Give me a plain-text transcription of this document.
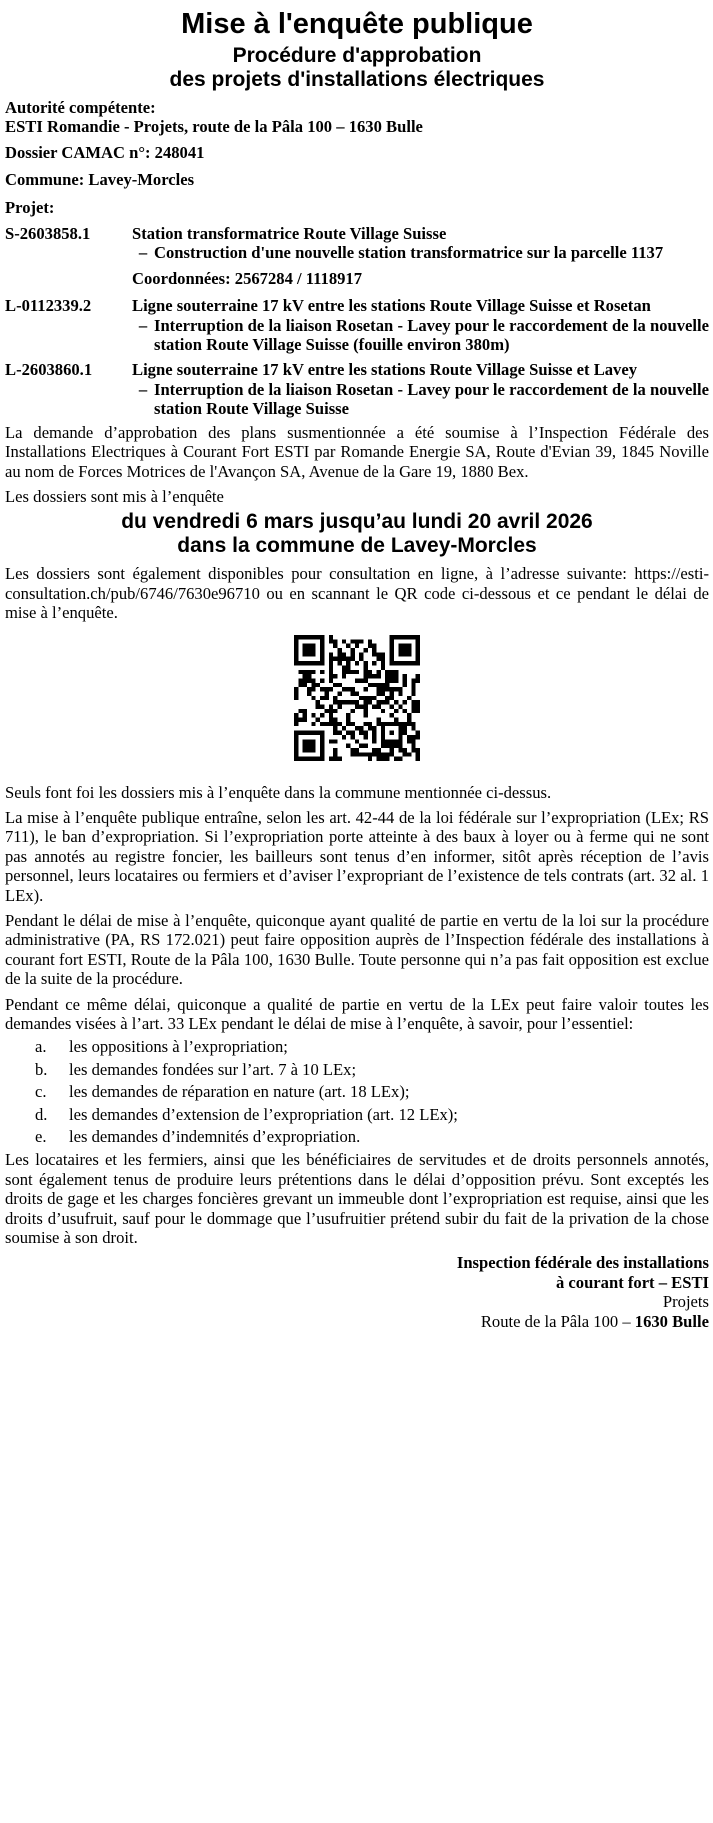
Mise à l'enquête publique
Procédure d'approbation
des projets d'installations électriques
Autorité compétente:
ESTI Romandie - Projets, route de la Pâla 100 – 1630 Bulle
Dossier CAMAC n°: 248041
Commune: Lavey-Morcles
Projet:
S-2603858.1	Station transformatrice Route Village Suisse
– Construction d'une nouvelle station transformatrice sur la parcelle 1137
Coordonnées: 2567284 / 1118917
L-0112339.2	Ligne souterraine 17 kV entre les stations Route Village Suisse et Rosetan
– Interruption de la liaison Rosetan - Lavey pour le raccordement de la nouvelle station Route Village Suisse (fouille environ 380m)
L-2603860.1	Ligne souterraine 17 kV entre les stations Route Village Suisse et Lavey
– Interruption de la liaison Rosetan - Lavey pour le raccordement de la nouvelle station Route Village Suisse

La demande d’approbation des plans susmentionnée a été soumise à l’Inspection Fédérale des Installations Electriques à Courant Fort ESTI par Romande Energie SA, Route d'Evian 39, 1845 Noville au nom de Forces Motrices de l'Avançon SA, Avenue de la Gare 19, 1880 Bex.

Les dossiers sont mis à l’enquête

du vendredi 6 mars jusqu’au lundi 20 avril 2026
dans la commune de Lavey-Morcles

Les dossiers sont également disponibles pour consultation en ligne, à l’adresse suivante: https://esti-consultation.ch/pub/6746/7630e96710 ou en scannant le QR code ci-dessous et ce pendant le délai de mise à l’enquête.

Seuls font foi les dossiers mis à l’enquête dans la commune mentionnée ci-dessus.

La mise à l’enquête publique entraîne, selon les art. 42-44 de la loi fédérale sur l’expropriation (LEx; RS 711), le ban d’expropriation. Si l’expropriation porte atteinte à des baux à loyer ou à ferme qui ne sont pas annotés au registre foncier, les bailleurs sont tenus d’en informer, sitôt après réception de l’avis personnel, leurs locataires ou fermiers et d’aviser l’expropriant de l’existence de tels contrats (art. 32 al. 1 LEx).

Pendant le délai de mise à l’enquête, quiconque ayant qualité de partie en vertu de la loi sur la procédure administrative (PA, RS 172.021) peut faire opposition auprès de l’Inspection fédérale des installations à courant fort ESTI, Route de la Pâla 100, 1630 Bulle. Toute personne qui n’a pas fait opposition est exclue de la suite de la procédure.

Pendant ce même délai, quiconque a qualité de partie en vertu de la LEx peut faire valoir toutes les demandes visées à l’art. 33 LEx pendant le délai de mise à l’enquête, à savoir, pour l’essentiel:

a.	les oppositions à l’expropriation;
b.	les demandes fondées sur l’art. 7 à 10 LEx;
c.	les demandes de réparation en nature (art. 18 LEx);
d.	les demandes d’extension de l’expropriation (art. 12 LEx);
e.	les demandes d’indemnités d’expropriation.

Les locataires et les fermiers, ainsi que les bénéficiaires de servitudes et de droits personnels annotés, sont également tenus de produire leurs prétentions dans le délai d’opposition prévu. Sont exceptés les droits de gage et les charges foncières grevant un immeuble dont l’expropriation est requise, ainsi que les droits d’usufruit, sauf pour le dommage que l’usufruitier prétend subir du fait de la privation de la chose soumise à son droit.

Inspection fédérale des installations
à courant fort – ESTI
Projets
Route de la Pâla 100 – 1630 Bulle
